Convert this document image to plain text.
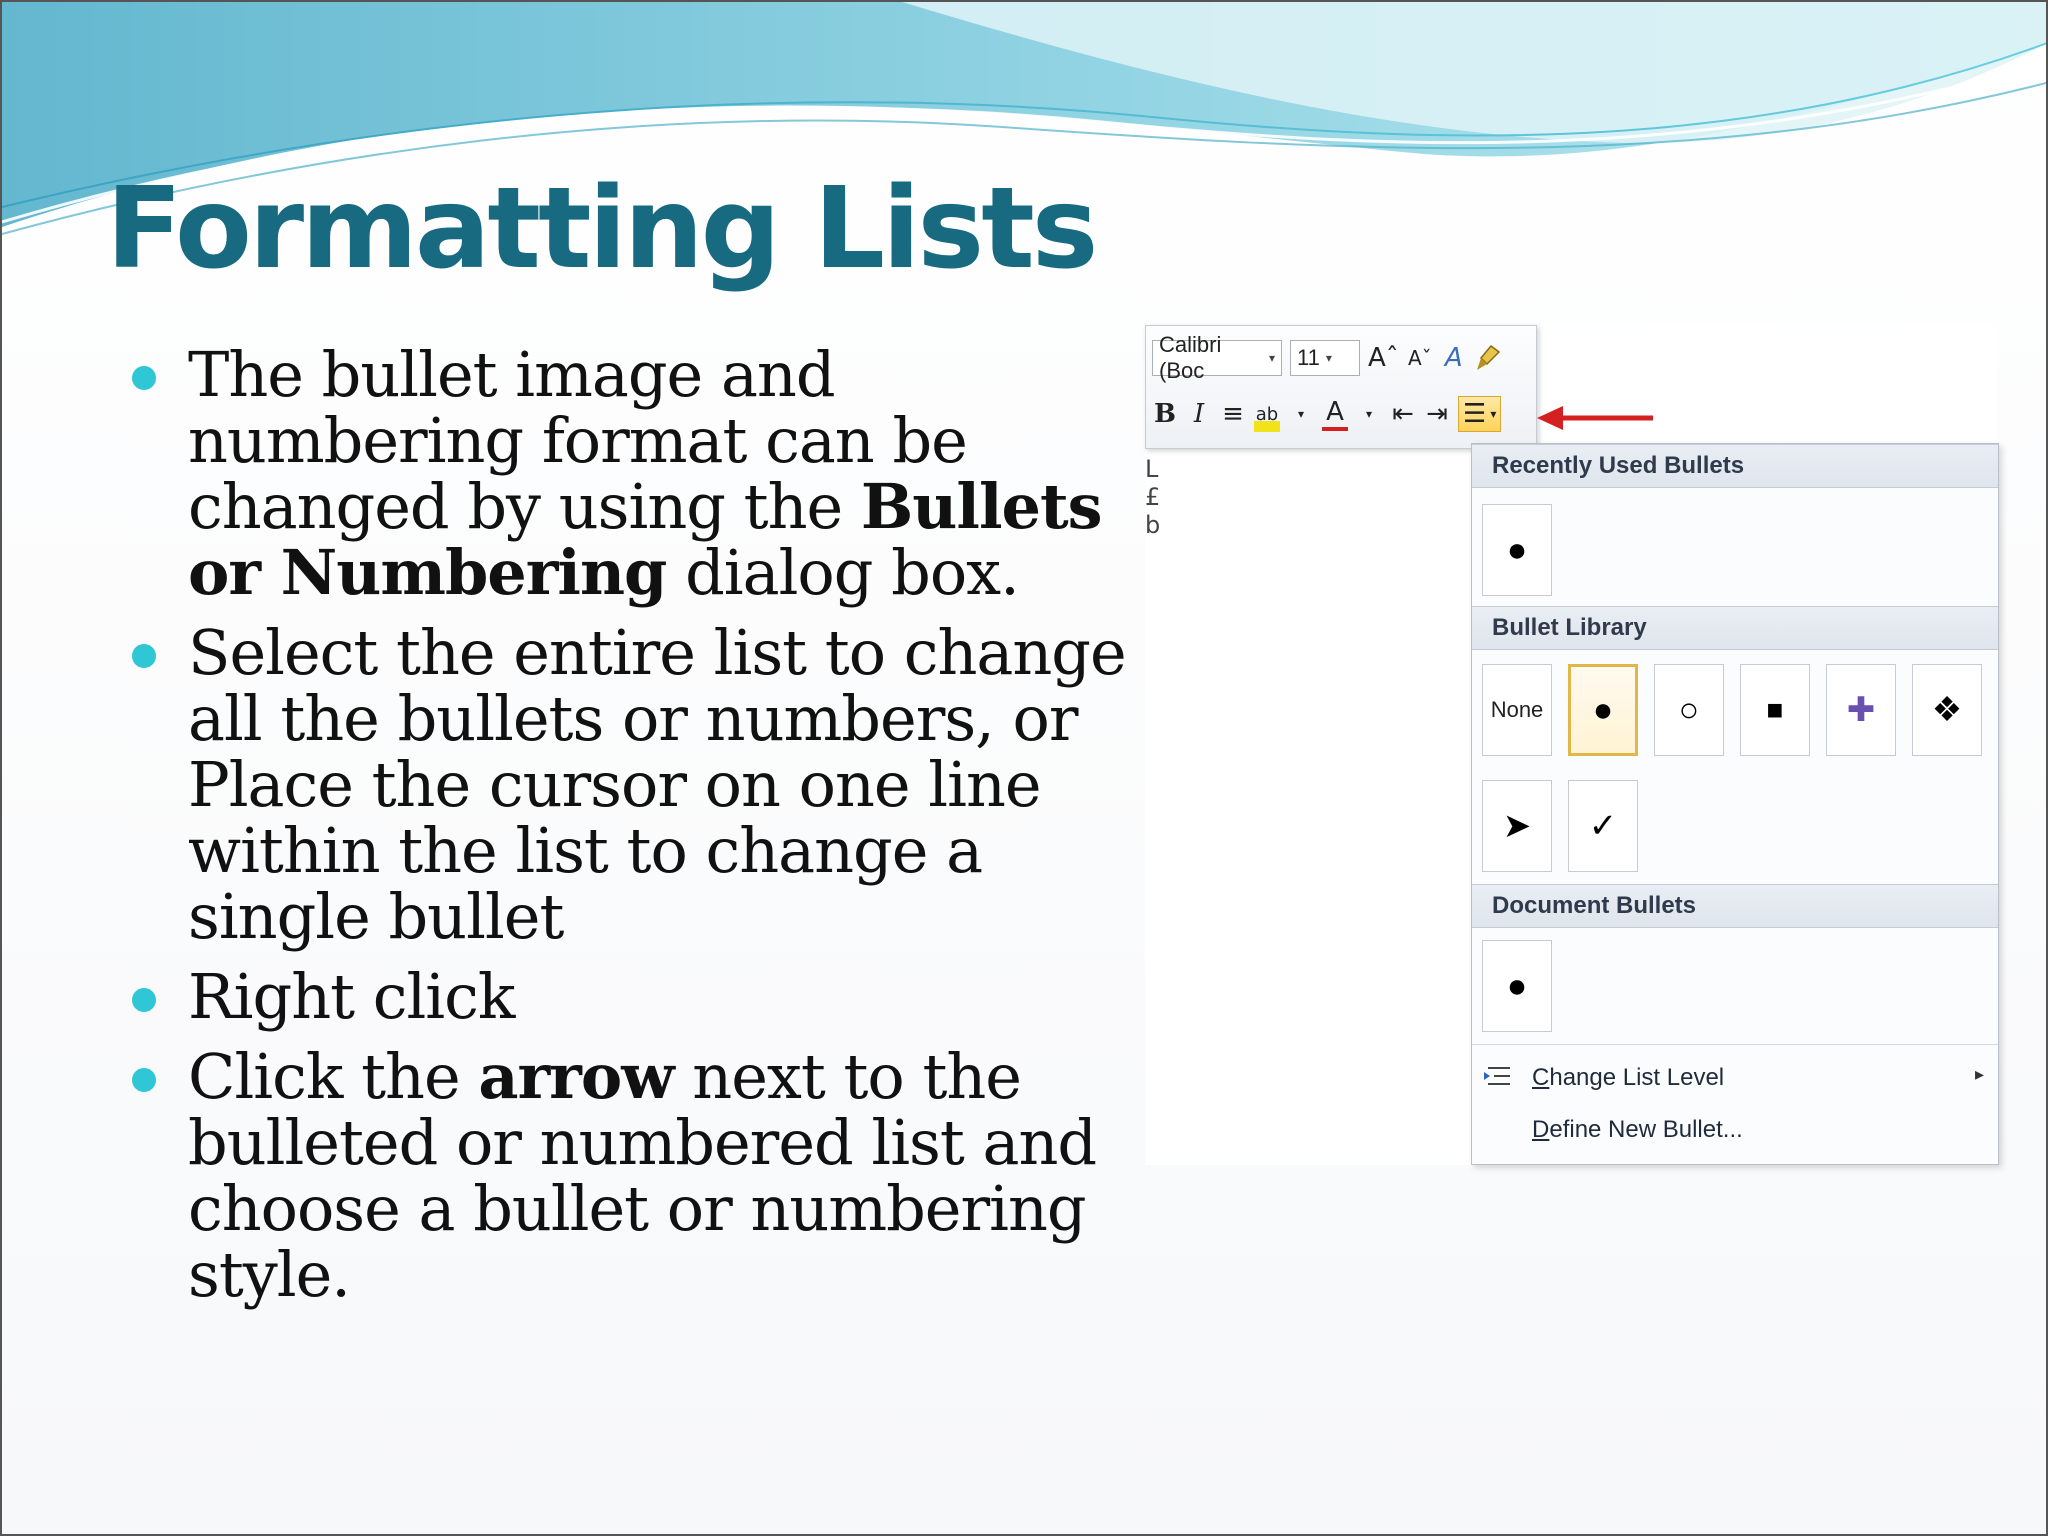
Formatting Lists
The bullet image and numbering format can be changed by using the Bullets or Numbering dialog box.
Select the entire list to change all the bullets or numbers, or Place the cursor on one line within the list to change a single bullet
Right click
Click the arrow next to the bulleted or numbered list and choose a bullet or numbering style.
L
£
b
Calibri (Boc	▾ 11 ▾ Aˆ Aˇ A
B I ≡ ab	▾ A	▾ ⇤ ⇥ ☰ ▾
Recently Used Bullets
●
Bullet Library
None	●	○	■	✚	❖
➤	✓
Document Bullets
●
Change List Level	▸
Define New Bullet...
